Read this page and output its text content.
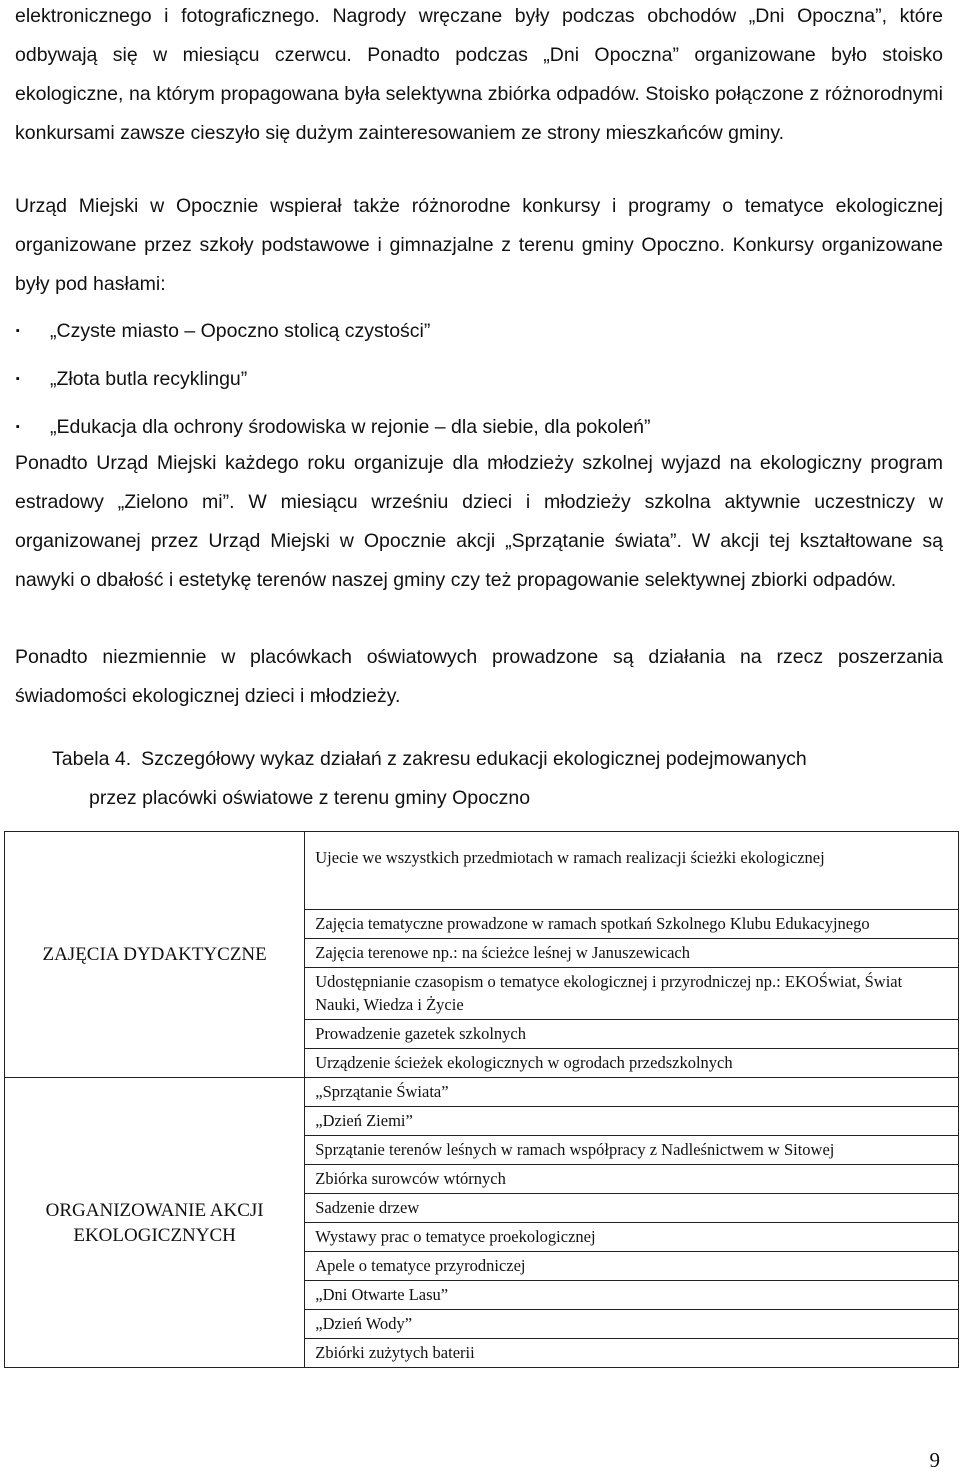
elektronicznego i fotograficznego. Nagrody wręczane były podczas obchodów „Dni Opoczna”, które odbywają się w miesiącu czerwcu. Ponadto podczas „Dni Opoczna” organizowane było stoisko ekologiczne, na którym propagowana była selektywna zbiórka odpadów. Stoisko połączone z różnorodnymi konkursami zawsze cieszyło się dużym zainteresowaniem ze strony mieszkańców gminy.

Urząd Miejski w Opocznie wspierał także różnorodne konkursy i programy o tematyce ekologicznej organizowane przez szkoły podstawowe i gimnazjalne z terenu gminy Opoczno. Konkursy organizowane były pod hasłami:

· „Czyste miasto – Opoczno stolicą czystości”
· „Złota butla recyklingu”
· „Edukacja dla ochrony środowiska w rejonie – dla siebie, dla pokoleń”

Ponadto Urząd Miejski każdego roku organizuje dla młodzieży szkolnej wyjazd na ekologiczny program estradowy „Zielono mi”. W miesiącu wrześniu dzieci i młodzieży szkolna aktywnie uczestniczy w organizowanej przez Urząd Miejski w Opocznie akcji „Sprzątanie świata”. W akcji tej kształtowane są nawyki o dbałość i estetykę terenów naszej gminy czy też propagowanie selektywnej zbiorki odpadów.

Ponadto niezmiennie w placówkach oświatowych prowadzone są działania na rzecz poszerzania świadomości ekologicznej dzieci i młodzieży.

Tabela 4. Szczegółowy wykaz działań z zakresu edukacji ekologicznej podejmowanych
przez placówki oświatowe z terenu gminy Opoczno
ZAJĘCIA DYDAKTYCZNE	Ujecie we wszystkich przedmiotach w ramach realizacji ścieżki ekologicznej
	Zajęcia tematyczne prowadzone w ramach spotkań Szkolnego Klubu Edukacyjnego
	Zajęcia terenowe np.: na ścieżce leśnej w Januszewicach
	Udostępnianie czasopism o tematyce ekologicznej i przyrodniczej np.: EKOŚwiat, Świat Nauki, Wiedza i Życie
	Prowadzenie gazetek szkolnych
	Urządzenie ścieżek ekologicznych w ogrodach przedszkolnych
ORGANIZOWANIE AKCJI EKOLOGICZNYCH	„Sprzątanie Świata”
	„Dzień Ziemi”
	Sprzątanie terenów leśnych w ramach współpracy z Nadleśnictwem w Sitowej
	Zbiórka surowców wtórnych
	Sadzenie drzew
	Wystawy prac o tematyce proekologicznej
	Apele o tematyce przyrodniczej
	„Dni Otwarte Lasu”
	„Dzień Wody”
	Zbiórki zużytych baterii
9
